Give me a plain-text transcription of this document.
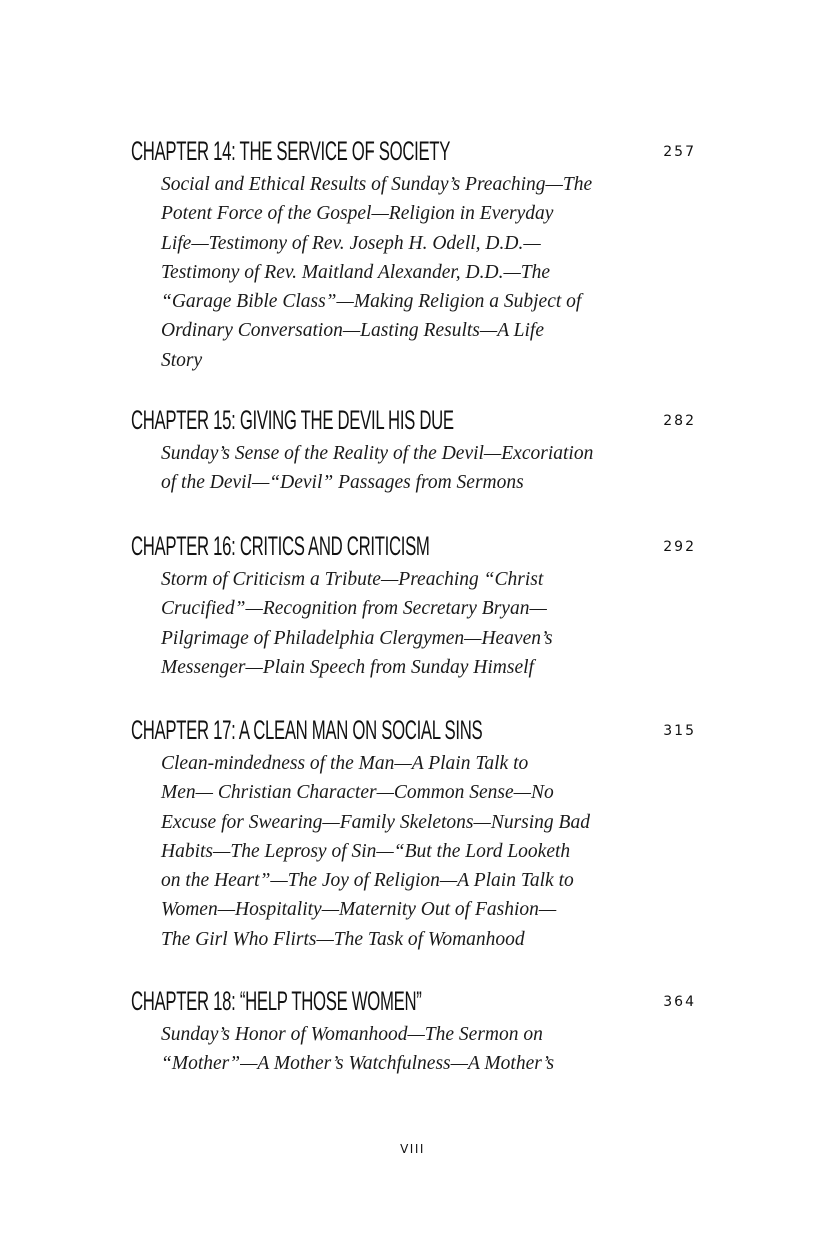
CHAPTER 14: THE SERVICE OF SOCIETY	257
Social and Ethical Results of Sunday’s Preaching—The
Potent Force of the Gospel—Religion in Everyday
Life—Testimony of Rev. Joseph H. Odell, D.D.—
Testimony of Rev. Maitland Alexander, D.D.—The
“Garage Bible Class”—Making Religion a Subject of
Ordinary Conversation—Lasting Results—A Life
Story
CHAPTER 15: GIVING THE DEVIL HIS DUE	282
Sunday’s Sense of the Reality of the Devil—Excoriation
of the Devil—“Devil” Passages from Sermons
CHAPTER 16: CRITICS AND CRITICISM	292
Storm of Criticism a Tribute—Preaching “Christ
Crucified”—Recognition from Secretary Bryan—
Pilgrimage of Philadelphia Clergymen—Heaven’s
Messenger—Plain Speech from Sunday Himself
CHAPTER 17: A CLEAN MAN ON SOCIAL SINS	315
Clean-mindedness of the Man—A Plain Talk to
Men— Christian Character—Common Sense—No
Excuse for Swearing—Family Skeletons—Nursing Bad
Habits—The Leprosy of Sin—“But the Lord Looketh
on the Heart”—The Joy of Religion—A Plain Talk to
Women—Hospitality—Maternity Out of Fashion—
The Girl Who Flirts—The Task of Womanhood
CHAPTER 18: “HELP THOSE WOMEN”	364
Sunday’s Honor of Womanhood—The Sermon on
“Mother”—A Mother’s Watchfulness—A Mother’s
VIII
